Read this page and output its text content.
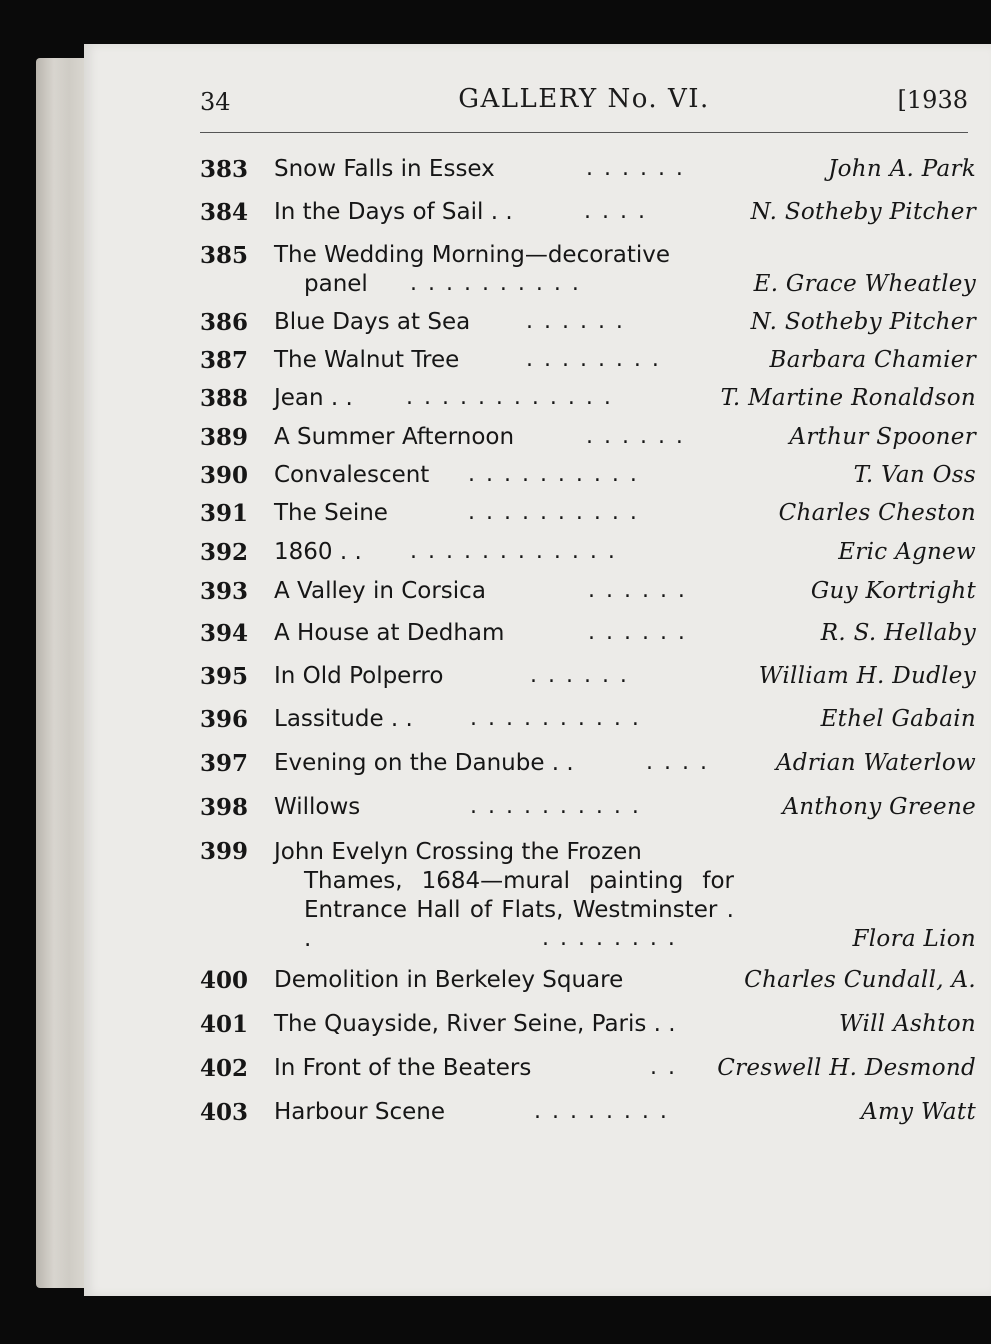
34	GALLERY No. VI.	[1938
383 Snow Falls in Essex	. . . . . .	John A. Park
384 In the Days of Sail . .	. . . .	N. Sotheby Pitcher
385 The Wedding Morning—decorative
panel . . . . . . . . . .	E. Grace Wheatley
386 Blue Days at Sea	. . . . . .	N. Sotheby Pitcher
387 The Walnut Tree	. . . . . . . .	Barbara Chamier
388 Jean . . . . . . . . . . . . . .	T. Martine Ronaldson
389 A Summer Afternoon	. . . . . .	Arthur Spooner
390 Convalescent . . . . . . . . . .	T. Van Oss
391 The Seine	. . . . . . . . . .	Charles Cheston
392 1860 . . . . . . . . . . . . . .	Eric Agnew
393 A Valley in Corsica	. . . . . .	Guy Kortright
394 A House at Dedham	. . . . . .	R. S. Hellaby
395 In Old Polperro	. . . . . .	William H. Dudley
396 Lassitude . .	. . . . . . . . . .	Ethel Gabain
397 Evening on the Danube . .	. . . .	Adrian Waterlow
398 Willows	. . . . . . . . . .	Anthony Greene
399 John Evelyn Crossing the Frozen
Thames, 1684—mural painting for Entrance Hall of Flats, Westminster . .	. . . . . . . .	Flora Lion
400 Demolition in Berkeley Square	Charles Cundall, A.
401 The Quayside, River Seine, Paris . .	Will Ashton
402 In Front of the Beaters	. . Creswell H. Desmond
403 Harbour Scene	. . . . . . . .	Amy Watt
